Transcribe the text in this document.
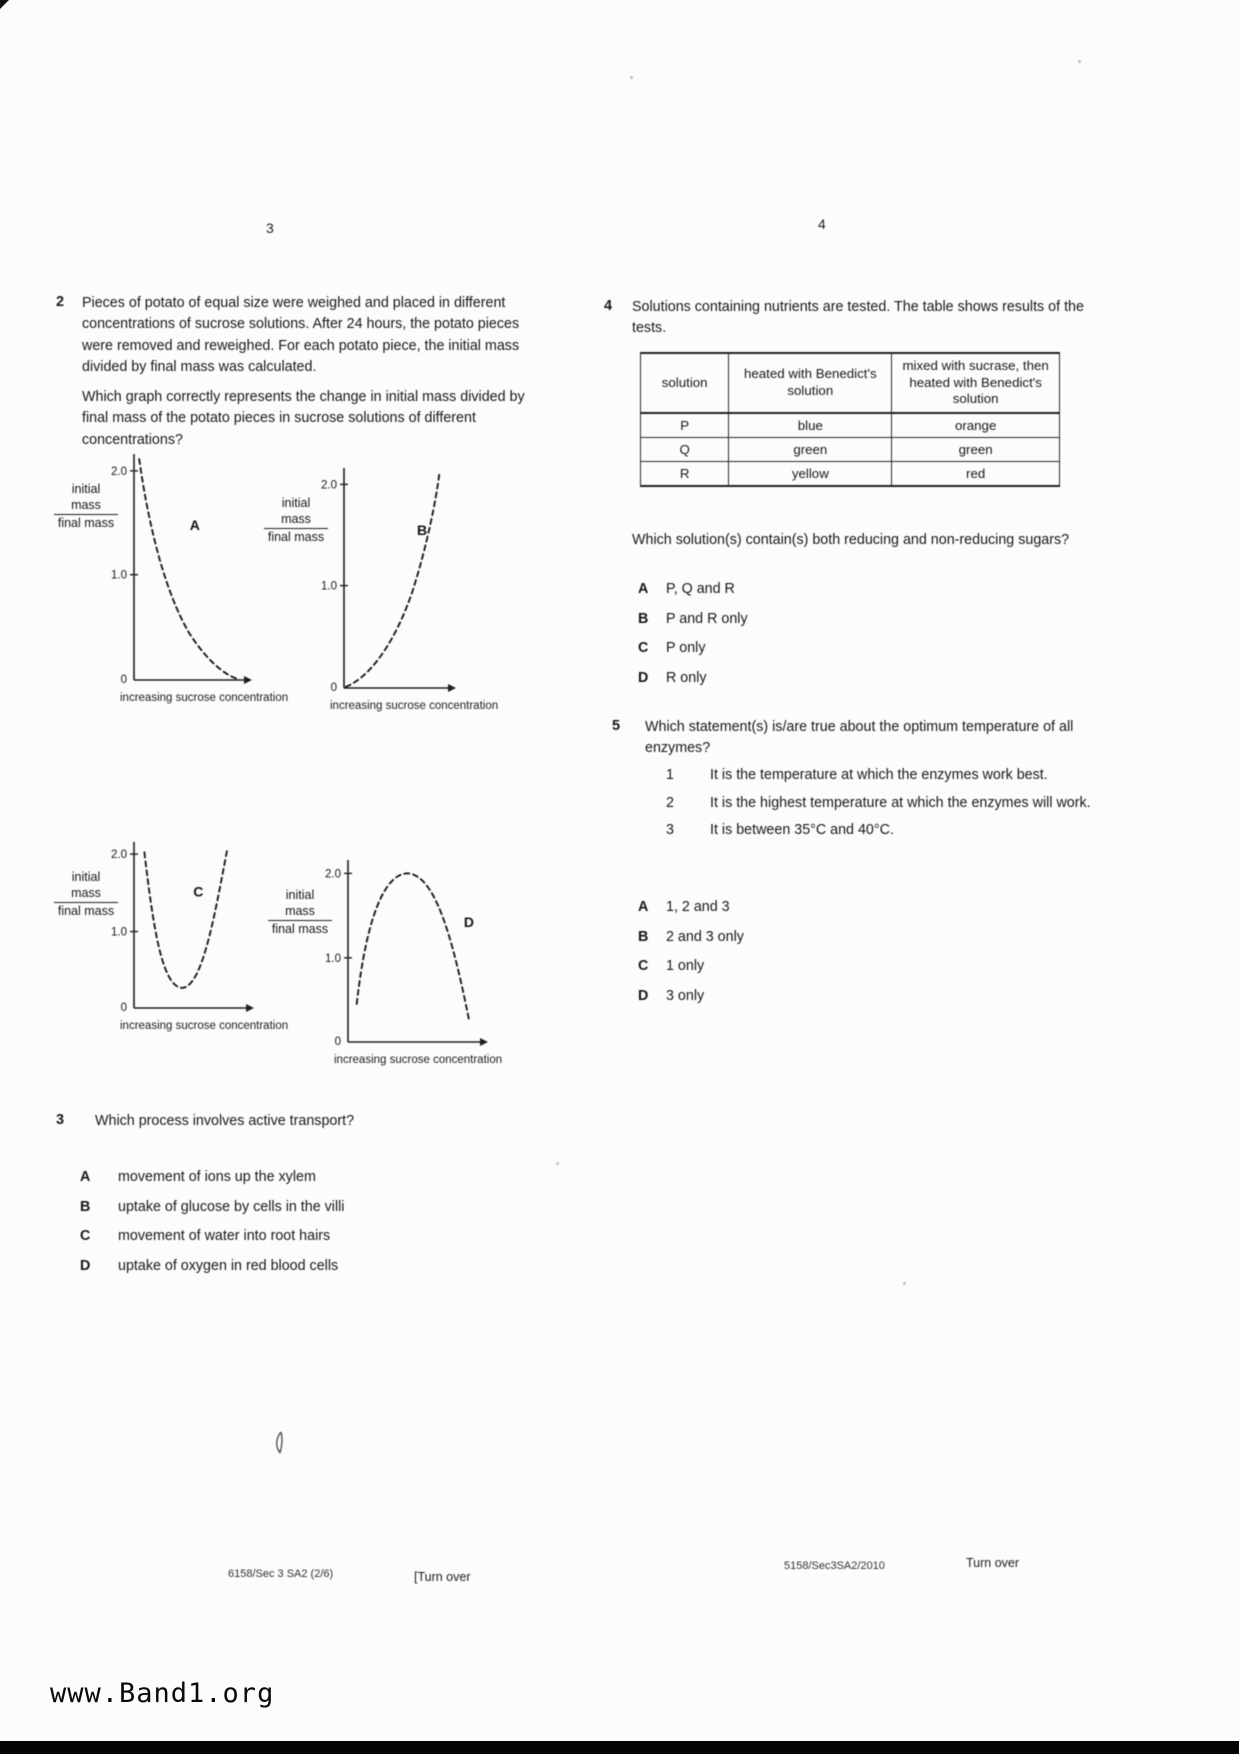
3
2 Pieces of potato of equal size were weighed and placed in different concentrations of sucrose solutions. After 24 hours, the potato pieces were removed and reweighed. For each potato piece, the initial mass divided by final mass was calculated.
Which graph correctly represents the change in initial mass divided by final mass of the potato pieces in sucrose solutions of different concentrations?
$\frac{\text{initial mass}}{\text{final mass}}$
2.0
1.0
0
A
increasing sucrose concentration
$\frac{\text{initial mass}}{\text{final mass}}$
2.0
1.0
0
B
increasing sucrose concentration
$\frac{\text{initial mass}}{\text{final mass}}$
2.0
1.0
0
C
increasing sucrose concentration
$\frac{\text{initial mass}}{\text{final mass}}$
2.0
1.0
0
D
increasing sucrose concentration
3 Which process involves active transport?
A movement of ions up the xylem
B uptake of glucose by cells in the villi
C movement of water into root hairs
D uptake of oxygen in red blood cells
4
4 Solutions containing nutrients are tested. The table shows results of the tests.
solution	heated with Benedict's solution	mixed with sucrase, then heated with Benedict's solution
P	blue	orange
Q	green	green
R	yellow	red
Which solution(s) contain(s) both reducing and non-reducing sugars?
A P, Q and R
B P and R only
C P only
D R only
5 Which statement(s) is/are true about the optimum temperature of all enzymes?
1	It is the temperature at which the enzymes work best.
2	It is the highest temperature at which the enzymes will work.
3	It is between 35°C and 40°C.
A 1, 2 and 3
B 2 and 3 only
C 1 only
D 3 only
6158/Sec 3 SA2 (2/6)	[Turn over
5158/Sec3SA2/2010	Turn over
www.Band1.org
